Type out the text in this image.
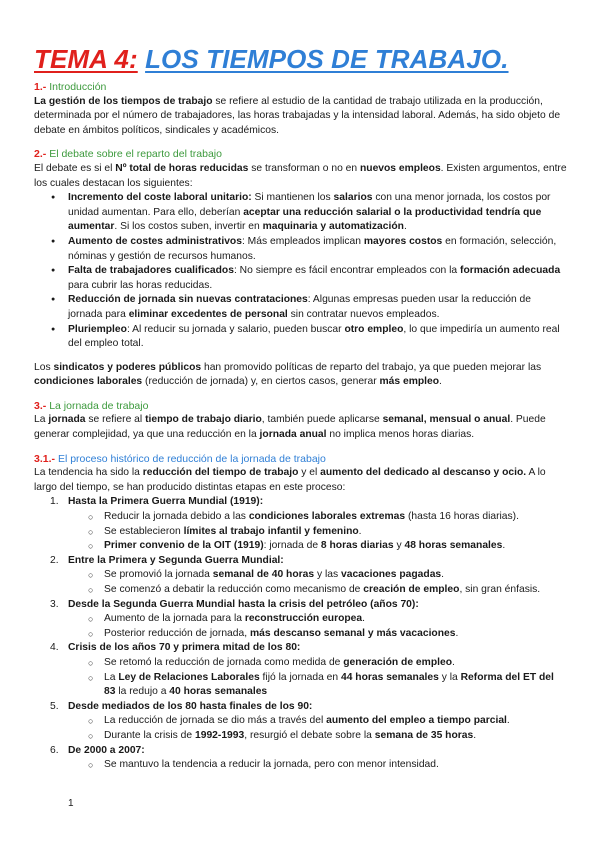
TEMA 4: LOS TIEMPOS DE TRABAJO.
1.- Introducción

La gestión de los tiempos de trabajo se refiere al estudio de la cantidad de trabajo utilizada en la producción, determinada por el número de trabajadores, las horas trabajadas y la intensidad laboral. Además, ha sido objeto de debate en ámbitos políticos, sindicales y académicos.

2.- El debate sobre el reparto del trabajo

El debate es si el Nº total de horas reducidas se transforman o no en nuevos empleos. Existen argumentos, entre los cuales destacan los siguientes:

● Incremento del coste laboral unitario: Si mantienen los salarios con una menor jornada, los costos por unidad aumentan. Para ello, deberían aceptar una reducción salarial o la productividad tendría que aumentar. Si los costos suben, invertir en maquinaria y automatización.
● Aumento de costes administrativos: Más empleados implican mayores costos en formación, selección, nóminas y gestión de recursos humanos.
● Falta de trabajadores cualificados: No siempre es fácil encontrar empleados con la formación adecuada para cubrir las horas reducidas.
● Reducción de jornada sin nuevas contrataciones: Algunas empresas pueden usar la reducción de jornada para eliminar excedentes de personal sin contratar nuevos empleados.
● Pluriempleo: Al reducir su jornada y salario, pueden buscar otro empleo, lo que impediría un aumento real del empleo total.

Los sindicatos y poderes públicos han promovido políticas de reparto del trabajo, ya que pueden mejorar las condiciones laborales (reducción de jornada) y, en ciertos casos, generar más empleo.

3.- La jornada de trabajo

La jornada se refiere al tiempo de trabajo diario, también puede aplicarse semanal, mensual o anual. Puede generar complejidad, ya que una reducción en la jornada anual no implica menos horas diarias.

3.1.- El proceso histórico de reducción de la jornada de trabajo

La tendencia ha sido la reducción del tiempo de trabajo y el aumento del dedicado al descanso y ocio. A lo largo del tiempo, se han producido distintas etapas en este proceso:

1. Hasta la Primera Guerra Mundial (1919):
○ Reducir la jornada debido a las condiciones laborales extremas (hasta 16 horas diarias).
○ Se establecieron límites al trabajo infantil y femenino.
○ Primer convenio de la OIT (1919): jornada de 8 horas diarias y 48 horas semanales.
2. Entre la Primera y Segunda Guerra Mundial:
○ Se promovió la jornada semanal de 40 horas y las vacaciones pagadas.
○ Se comenzó a debatir la reducción como mecanismo de creación de empleo, sin gran énfasis.
3. Desde la Segunda Guerra Mundial hasta la crisis del petróleo (años 70):
○ Aumento de la jornada para la reconstrucción europea.
○ Posterior reducción de jornada, más descanso semanal y más vacaciones.
4. Crisis de los años 70 y primera mitad de los 80:
○ Se retomó la reducción de jornada como medida de generación de empleo.
○ La Ley de Relaciones Laborales fijó la jornada en 44 horas semanales y la Reforma del ET del 83 la redujo a 40 horas semanales
5. Desde mediados de los 80 hasta finales de los 90:
○ La reducción de jornada se dio más a través del aumento del empleo a tiempo parcial.
○ Durante la crisis de 1992-1993, resurgió el debate sobre la semana de 35 horas.
6. De 2000 a 2007:
○ Se mantuvo la tendencia a reducir la jornada, pero con menor intensidad.
1
